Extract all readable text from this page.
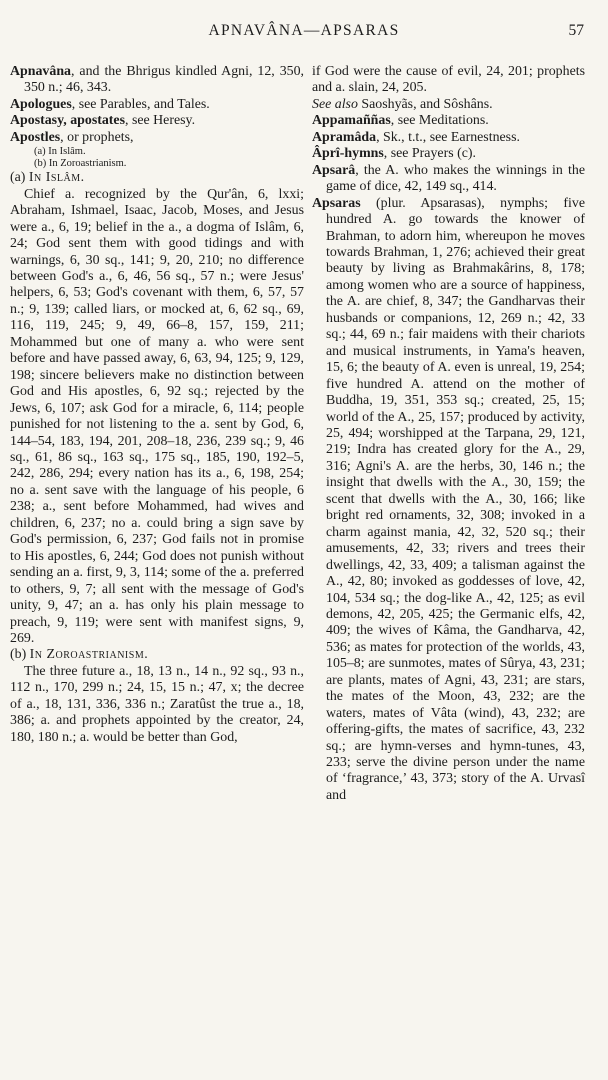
APNAVÂNA—APSARAS	57

Apnavâna, and the Bhrigus kindled Agni, 12, 350, 350 n.; 46, 343.

Apologues, see Parables, and Tales.

Apostasy, apostates, see Heresy.

Apostles, or prophets,

(a) In Islâm.

(b) In Zoroastrianism.

(a) In Islâm.

Chief a. recognized by the Qur'ân, 6, lxxi; Abraham, Ishmael, Isaac, Jacob, Moses, and Jesus were a., 6, 19; belief in the a., a dogma of Islâm, 6, 24; God sent them with good tidings and with warnings, 6, 30 sq., 141; 9, 20, 210; no difference between God's a., 6, 46, 56 sq., 57 n.; were Jesus' helpers, 6, 53; God's covenant with them, 6, 57, 57 n.; 9, 139; called liars, or mocked at, 6, 62 sq., 69, 116, 119, 245; 9, 49, 66–8, 157, 159, 211; Mohammed but one of many a. who were sent before and have passed away, 6, 63, 94, 125; 9, 129, 198; sincere believers make no distinction between God and His apostles, 6, 92 sq.; rejected by the Jews, 6, 107; ask God for a miracle, 6, 114; people punished for not listening to the a. sent by God, 6, 144–54, 183, 194, 201, 208–18, 236, 239 sq.; 9, 46 sq., 61, 86 sq., 163 sq., 175 sq., 185, 190, 192–5, 242, 286, 294; every nation has its a., 6, 198, 254; no a. sent save with the language of his people, 6 238; a., sent before Mohammed, had wives and children, 6, 237; no a. could bring a sign save by God's permission, 6, 237; God fails not in promise to His apostles, 6, 244; God does not punish without sending an a. first, 9, 3, 114; some of the a. preferred to others, 9, 7; all sent with the message of God's unity, 9, 47; an a. has only his plain message to preach, 9, 119; were sent with manifest signs, 9, 269.

(b) In Zoroastrianism.

The three future a., 18, 13 n., 14 n., 92 sq., 93 n., 112 n., 170, 299 n.; 24, 15, 15 n.; 47, x; the decree of a., 18, 131, 336, 336 n.; Zaratûst the true a., 18, 386; a. and prophets appointed by the creator, 24, 180, 180 n.; a. would be better than God,

if God were the cause of evil, 24, 201; prophets and a. slain, 24, 205.

See also Saoshyãs, and Sôshâns.

Appamaññas, see Meditations.

Apramâda, Sk., t.t., see Earnestness.

Âprî-hymns, see Prayers (c).

Apsarâ, the A. who makes the winnings in the game of dice, 42, 149 sq., 414.

Apsaras (plur. Apsarasas), nymphs; five hundred A. go towards the knower of Brahman, to adorn him, whereupon he moves towards Brahman, 1, 276; achieved their great beauty by living as Brahmakârins, 8, 178; among women who are a source of happiness, the A. are chief, 8, 347; the Gandharvas their husbands or companions, 12, 269 n.; 42, 33 sq.; 44, 69 n.; fair maidens with their chariots and musical instruments, in Yama's heaven, 15, 6; the beauty of A. even is unreal, 19, 254; five hundred A. attend on the mother of Buddha, 19, 351, 353 sq.; created, 25, 15; world of the A., 25, 157; produced by activity, 25, 494; worshipped at the Tarpana, 29, 121, 219; Indra has created glory for the A., 29, 316; Agni's A. are the herbs, 30, 146 n.; the insight that dwells with the A., 30, 159; the scent that dwells with the A., 30, 166; like bright red ornaments, 32, 308; invoked in a charm against mania, 42, 32, 520 sq.; their amusements, 42, 33; rivers and trees their dwellings, 42, 33, 409; a talisman against the A., 42, 80; invoked as goddesses of love, 42, 104, 534 sq.; the dog-like A., 42, 125; as evil demons, 42, 205, 425; the Germanic elfs, 42, 409; the wives of Kâma, the Gandharva, 42, 536; as mates for protection of the worlds, 43, 105–8; are sunmotes, mates of Sûrya, 43, 231; are plants, mates of Agni, 43, 231; are stars, the mates of the Moon, 43, 232; are the waters, mates of Vâta (wind), 43, 232; are offering-gifts, the mates of sacrifice, 43, 232 sq.; are hymn-verses and hymn-tunes, 43, 233; serve the divine person under the name of ‘fragrance,’ 43, 373; story of the A. Urvasî and
